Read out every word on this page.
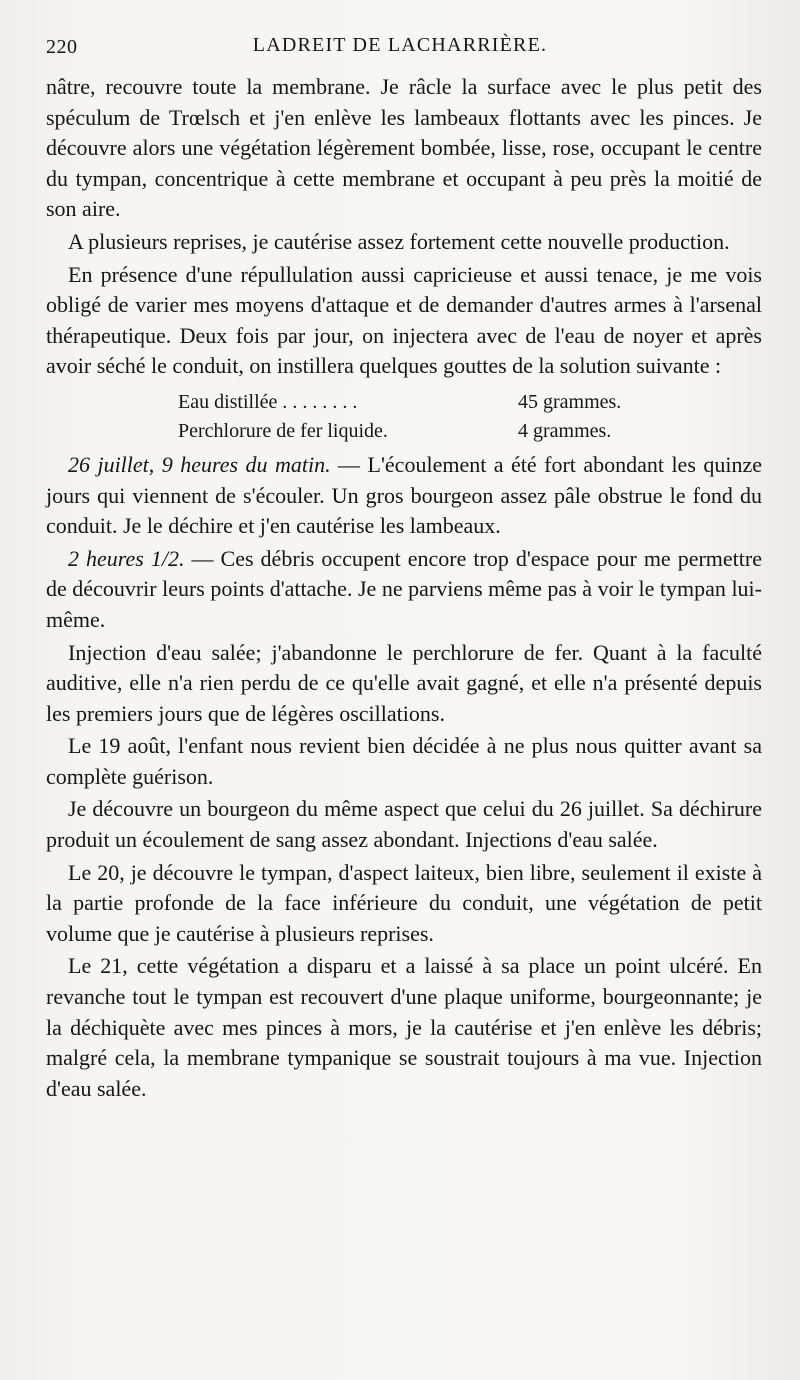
220	LADREIT DE LACHARRIÈRE.

nâtre, recouvre toute la membrane. Je râcle la surface avec le plus petit des spéculum de Trœlsch et j'en enlève les lambeaux flottants avec les pinces. Je découvre alors une végétation légèrement bombée, lisse, rose, occupant le centre du tympan, concentrique à cette membrane et occupant à peu près la moitié de son aire.

A plusieurs reprises, je cautérise assez fortement cette nouvelle production.

En présence d'une répullulation aussi capricieuse et aussi tenace, je me vois obligé de varier mes moyens d'attaque et de demander d'autres armes à l'arsenal thérapeutique. Deux fois par jour, on injectera avec de l'eau de noyer et après avoir séché le conduit, on instillera quelques gouttes de la solution suivante :

Eau distillée . . . . . . . .	45 grammes.
Perchlorure de fer liquide.	4 grammes.

26 juillet, 9 heures du matin. — L'écoulement a été fort abondant les quinze jours qui viennent de s'écouler. Un gros bourgeon assez pâle obstrue le fond du conduit. Je le déchire et j'en cautérise les lambeaux.

2 heures 1/2. — Ces débris occupent encore trop d'espace pour me permettre de découvrir leurs points d'attache. Je ne parviens même pas à voir le tympan lui-même.

Injection d'eau salée; j'abandonne le perchlorure de fer. Quant à la faculté auditive, elle n'a rien perdu de ce qu'elle avait gagné, et elle n'a présenté depuis les premiers jours que de légères oscillations.

Le 19 août, l'enfant nous revient bien décidée à ne plus nous quitter avant sa complète guérison.

Je découvre un bourgeon du même aspect que celui du 26 juillet. Sa déchirure produit un écoulement de sang assez abondant. Injections d'eau salée.

Le 20, je découvre le tympan, d'aspect laiteux, bien libre, seulement il existe à la partie profonde de la face inférieure du conduit, une végétation de petit volume que je cautérise à plusieurs reprises.

Le 21, cette végétation a disparu et a laissé à sa place un point ulcéré. En revanche tout le tympan est recouvert d'une plaque uniforme, bourgeonnante; je la déchiquète avec mes pinces à mors, je la cautérise et j'en enlève les débris; malgré cela, la membrane tympanique se soustrait toujours à ma vue. Injection d'eau salée.
